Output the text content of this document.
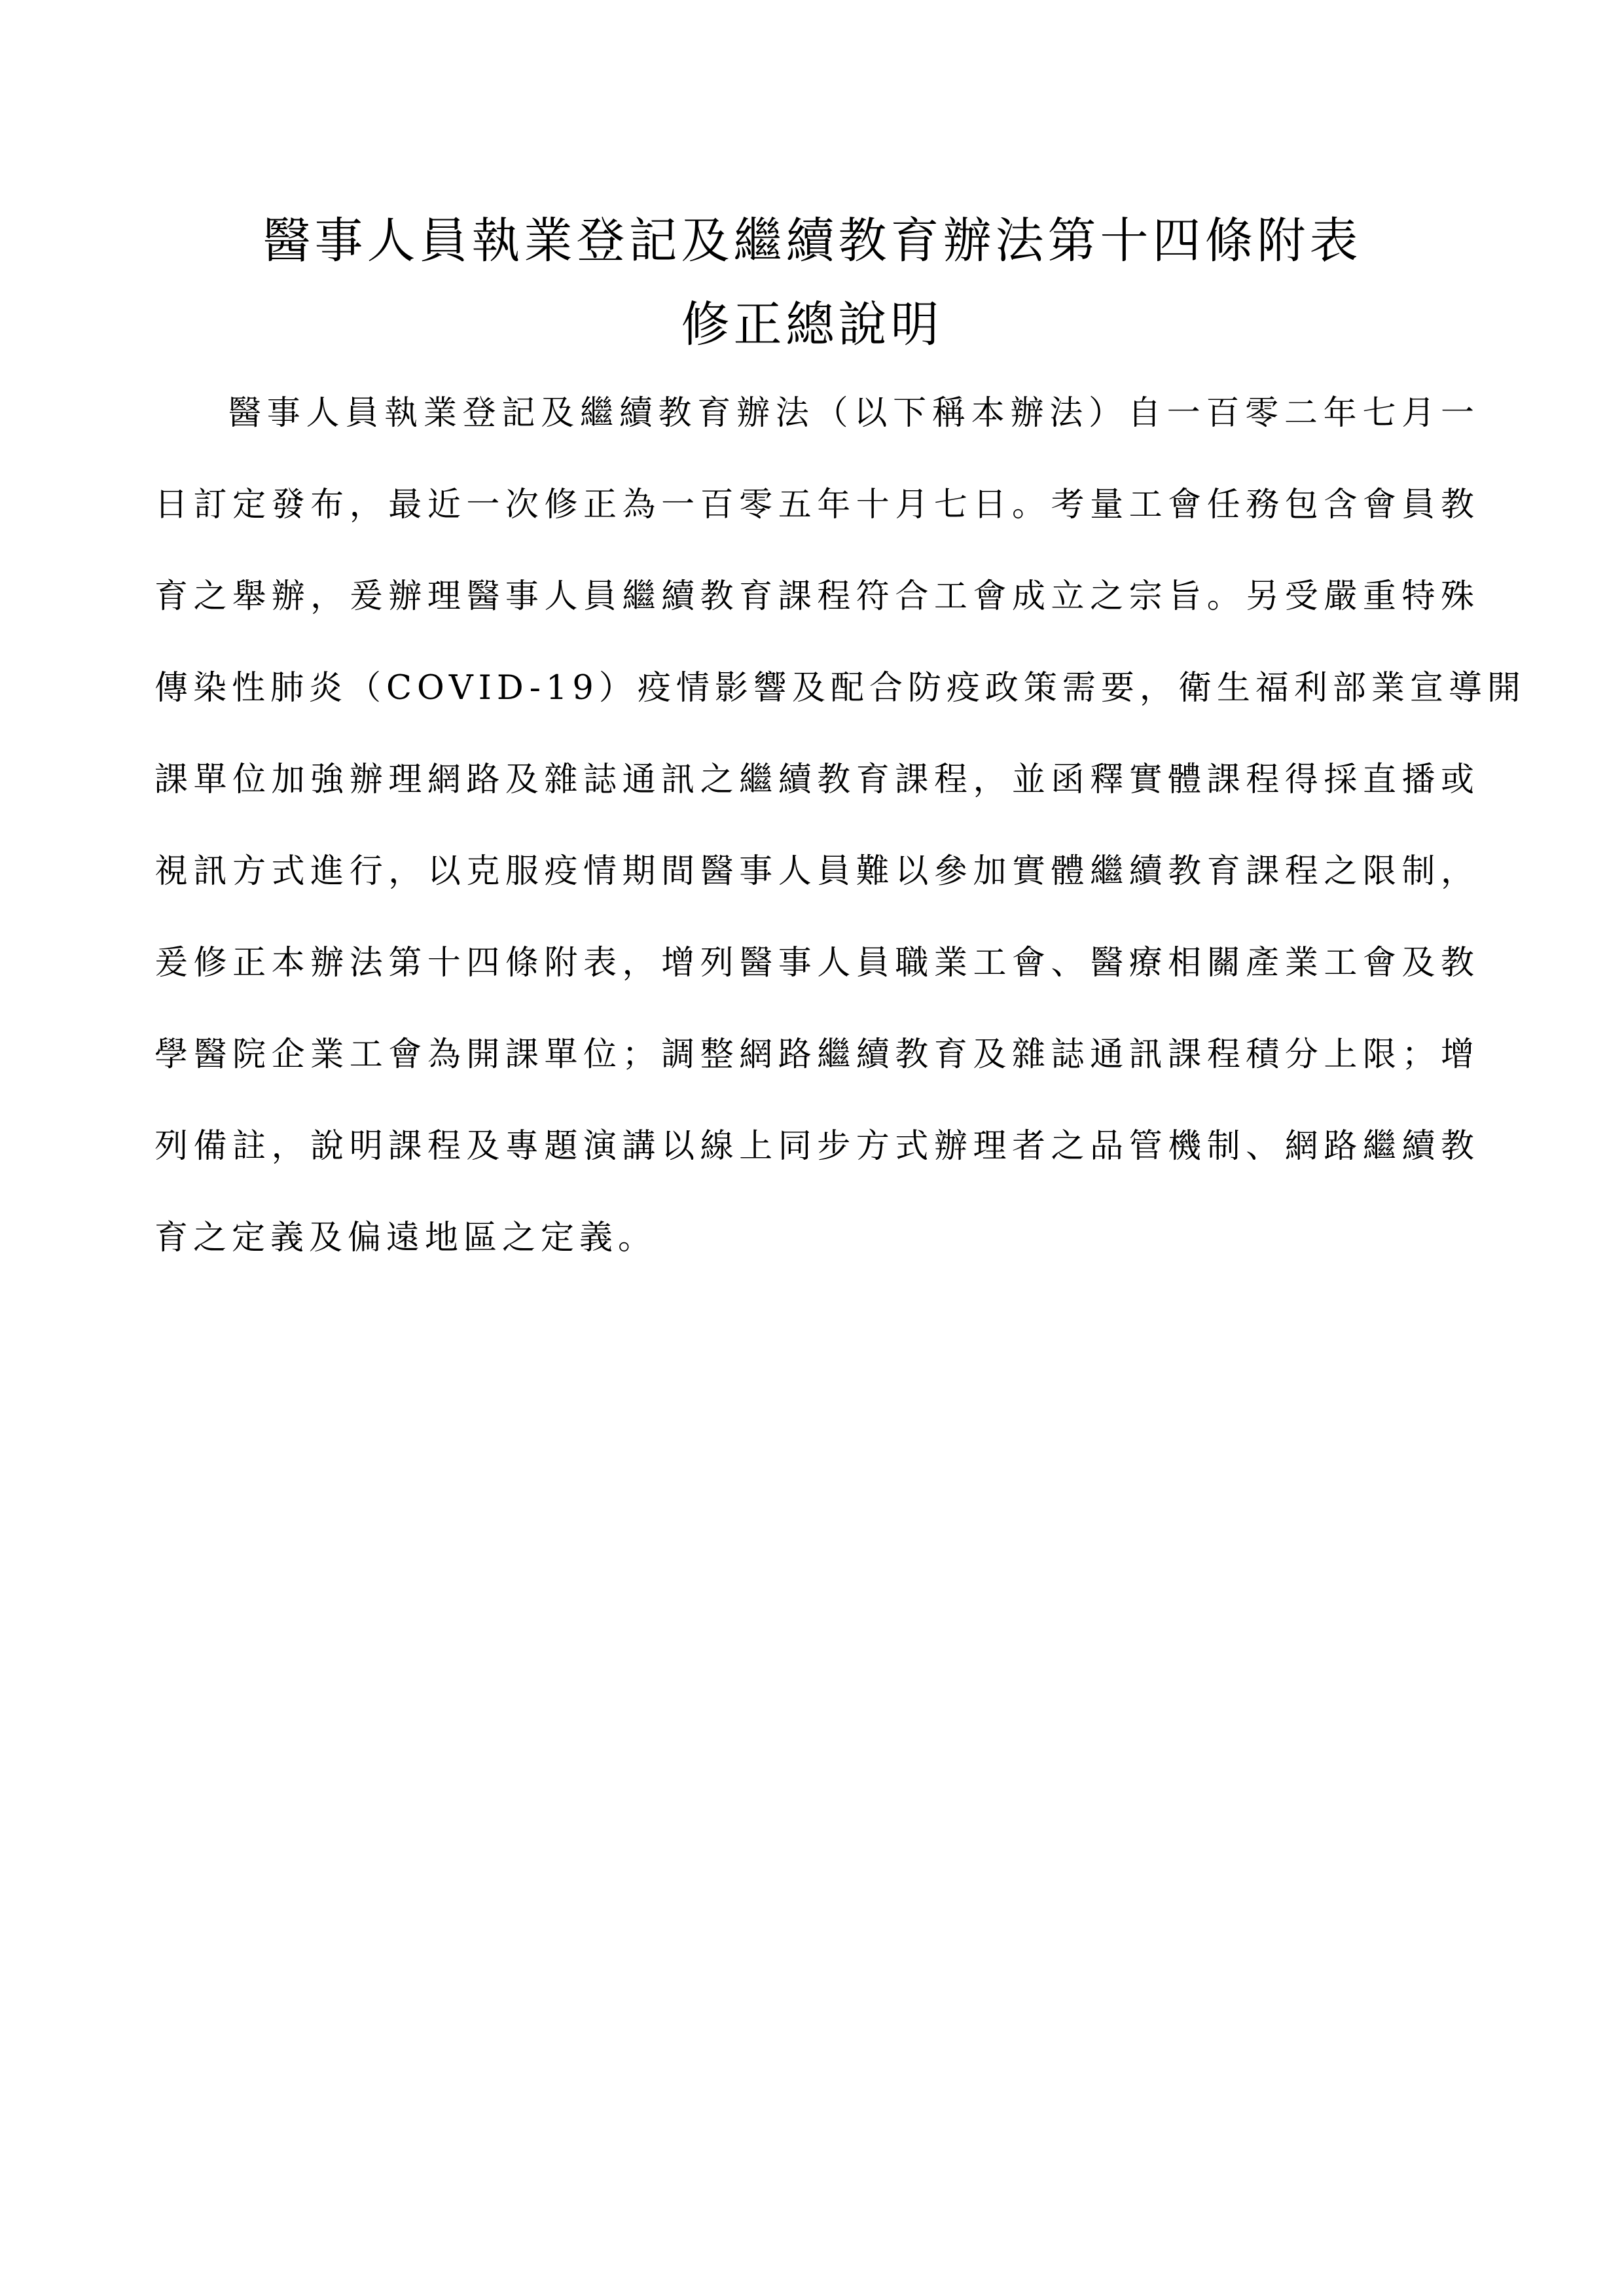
醫事人員執業登記及繼續教育辦法第十四條附表
修正總說明
醫事人員執業登記及繼續教育辦法（以下稱本辦法）自一百零二年七月一
日訂定發布，最近一次修正為一百零五年十月七日。考量工會任務包含會員教
育之舉辦，爰辦理醫事人員繼續教育課程符合工會成立之宗旨。另受嚴重特殊
傳染性肺炎（COVID-19）疫情影響及配合防疫政策需要，衛生福利部業宣導開
課單位加強辦理網路及雜誌通訊之繼續教育課程，並函釋實體課程得採直播或
視訊方式進行，以克服疫情期間醫事人員難以參加實體繼續教育課程之限制，
爰修正本辦法第十四條附表，增列醫事人員職業工會、醫療相關產業工會及教
學醫院企業工會為開課單位；調整網路繼續教育及雜誌通訊課程積分上限；增
列備註，說明課程及專題演講以線上同步方式辦理者之品管機制、網路繼續教
育之定義及偏遠地區之定義。
